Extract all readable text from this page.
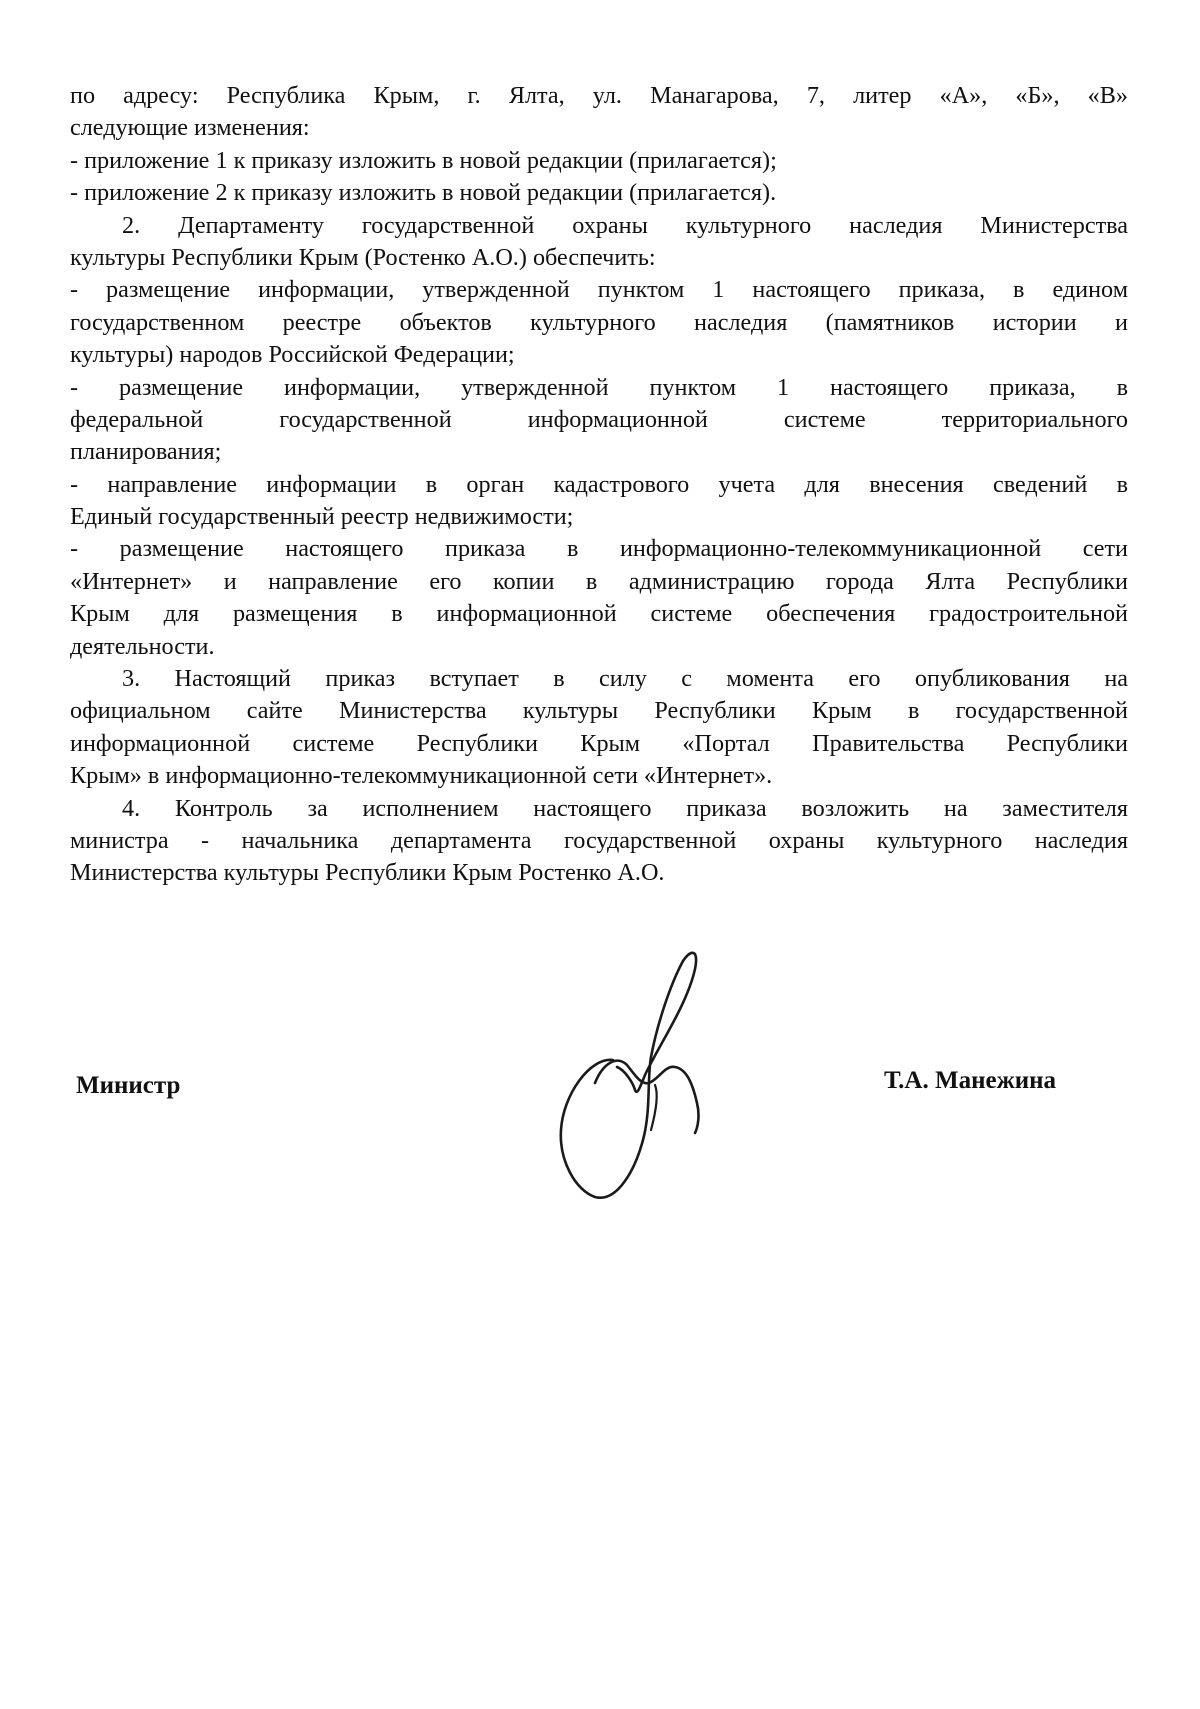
по адресу: Республика Крым, г. Ялта, ул. Манагарова, 7, литер «А», «Б», «В»

следующие изменения:

- приложение 1 к приказу изложить в новой редакции (прилагается);

- приложение 2 к приказу изложить в новой редакции (прилагается).

2. Департаменту государственной охраны культурного наследия Министерства

культуры Республики Крым (Ростенко А.О.) обеспечить:

- размещение информации, утвержденной пунктом 1 настоящего приказа, в едином

государственном реестре объектов культурного наследия (памятников истории и

культуры) народов Российской Федерации;

- размещение информации, утвержденной пунктом 1 настоящего приказа, в

федеральной государственной информационной системе территориального

планирования;

- направление информации в орган кадастрового учета для внесения сведений в

Единый государственный реестр недвижимости;

- размещение настоящего приказа в информационно-телекоммуникационной сети

«Интернет» и направление его копии в администрацию города Ялта Республики

Крым для размещения в информационной системе обеспечения градостроительной

деятельности.

3. Настоящий приказ вступает в силу с момента его опубликования на

официальном сайте Министерства культуры Республики Крым в государственной

информационной системе Республики Крым «Портал Правительства Республики

Крым» в информационно-телекоммуникационной сети «Интернет».

4. Контроль за исполнением настоящего приказа возложить на заместителя

министра - начальника департамента государственной охраны культурного наследия

Министерства культуры Республики Крым Ростенко А.О.

Министр	Т.А. Манежина
